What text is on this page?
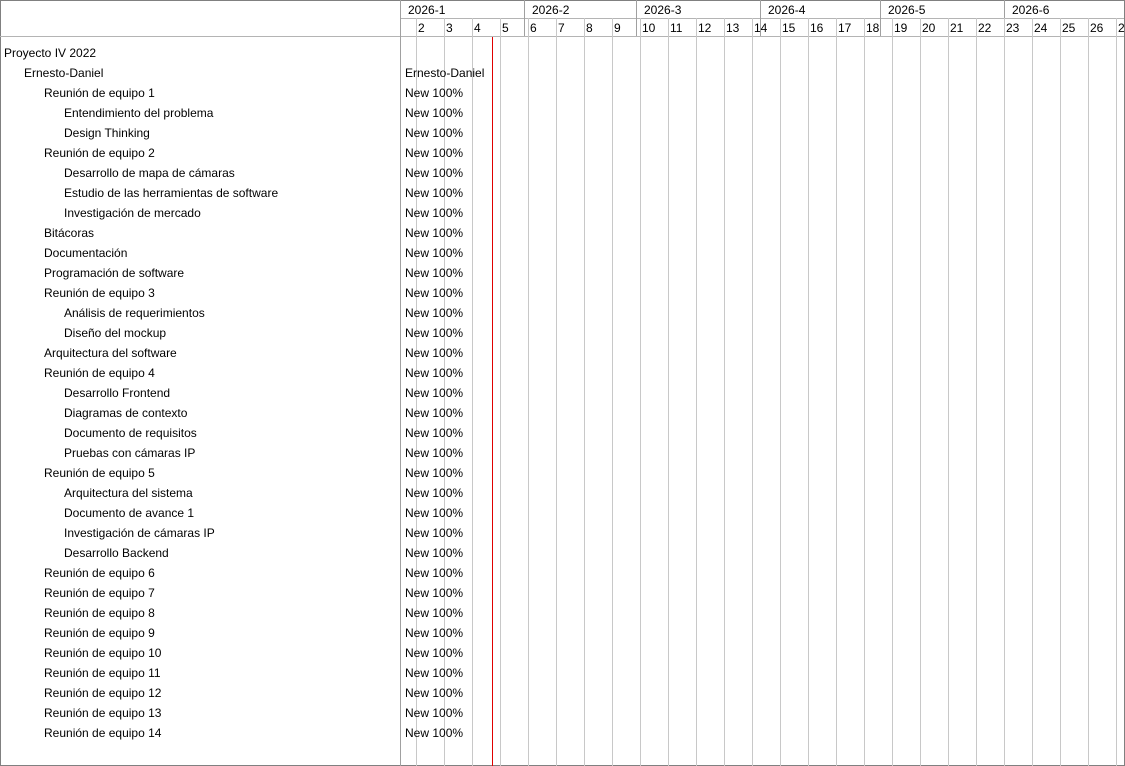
2 3 4 5 6 7 8 9 10 11 12 13 14 15 16 17 18 19 20 21 22 23 24 25 26 2
2026-1	2026-2	2026-3	2026-4	2026-5	2026-6
Proyecto IV 2022
Ernesto-Daniel	Ernesto-Daniel
Reunión de equipo 1	New 100%
Entendimiento del problema	New 100%
Design Thinking	New 100%
Reunión de equipo 2	New 100%
Desarrollo de mapa de cámaras	New 100%
Estudio de las herramientas de software	New 100%
Investigación de mercado	New 100%
Bitácoras	New 100%
Documentación	New 100%
Programación de software	New 100%
Reunión de equipo 3	New 100%
Análisis de requerimientos	New 100%
Diseño del mockup	New 100%
Arquitectura del software	New 100%
Reunión de equipo 4	New 100%
Desarrollo Frontend	New 100%
Diagramas de contexto	New 100%
Documento de requisitos	New 100%
Pruebas con cámaras IP	New 100%
Reunión de equipo 5	New 100%
Arquitectura del sistema	New 100%
Documento de avance 1	New 100%
Investigación de cámaras IP	New 100%
Desarrollo Backend	New 100%
Reunión de equipo 6	New 100%
Reunión de equipo 7	New 100%
Reunión de equipo 8	New 100%
Reunión de equipo 9	New 100%
Reunión de equipo 10	New 100%
Reunión de equipo 11	New 100%
Reunión de equipo 12	New 100%
Reunión de equipo 13	New 100%
Reunión de equipo 14	New 100%
